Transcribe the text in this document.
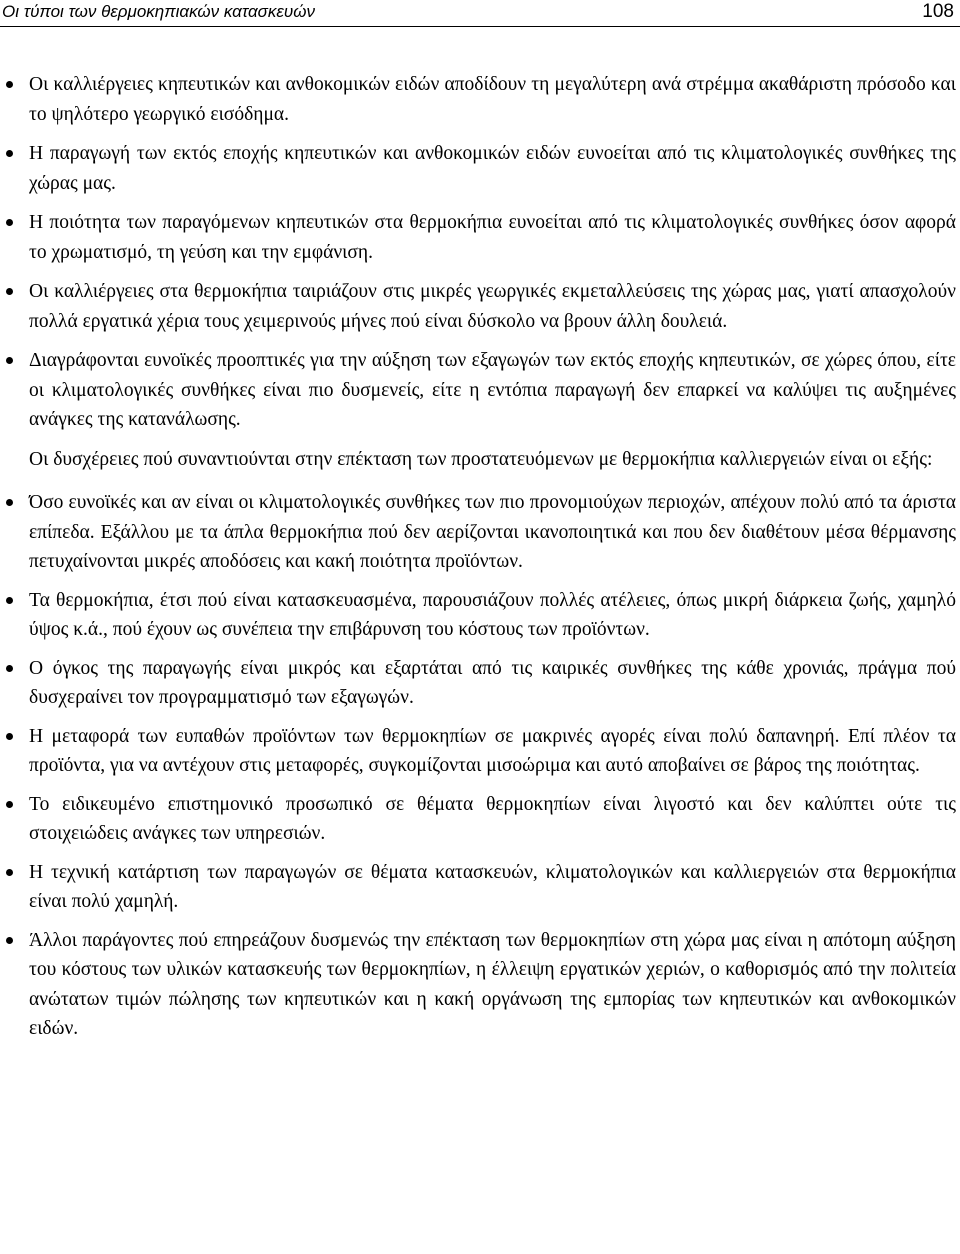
Οι τύποι των θερμοκηπιακών κατασκευών	108
Οι καλλιέργειες κηπευτικών και ανθοκομικών ειδών αποδίδουν τη μεγαλύτερη ανά στρέμμα ακαθάριστη πρόσοδο και το ψηλότερο γεωργικό εισόδημα.
Η παραγωγή των εκτός εποχής κηπευτικών και ανθοκομικών ειδών ευνοείται από τις κλιματολογικές συνθήκες της χώρας μας.
Η ποιότητα των παραγόμενων κηπευτικών στα θερμοκήπια ευνοείται από τις κλιματολογικές συνθήκες όσον αφορά το χρωματισμό, τη γεύση και την εμφάνιση.
Οι καλλιέργειες στα θερμοκήπια ταιριάζουν στις μικρές γεωργικές εκμεταλλεύσεις της χώρας μας, γιατί απασχολούν πολλά εργατικά χέρια τους χειμερινούς μήνες πού είναι δύσκολο να βρουν άλλη δουλειά.
Διαγράφονται ευνοϊκές προοπτικές για την αύξηση των εξαγωγών των εκτός εποχής κηπευτικών, σε χώρες όπου, είτε οι κλιματολογικές συνθήκες είναι πιο δυσμενείς, είτε η εντόπια παραγωγή δεν επαρκεί να καλύψει τις αυξημένες ανάγκες της κατανάλωσης.

Οι δυσχέρειες πού συναντιούνται στην επέκταση των προστατευόμενων με θερμοκήπια καλλιεργειών είναι οι εξής:

Όσο ευνοϊκές και αν είναι οι κλιματολογικές συνθήκες των πιο προνομιούχων περιοχών, απέχουν πολύ από τα άριστα επίπεδα. Εξάλλου με τα άπλα θερμοκήπια πού δεν αερίζονται ικανοποιητικά και που δεν διαθέτουν μέσα θέρμανσης πετυχαίνονται μικρές αποδόσεις και κακή ποιότητα προϊόντων.
Τα θερμοκήπια, έτσι πού είναι κατασκευασμένα, παρουσιάζουν πολλές ατέλειες, όπως μικρή διάρκεια ζωής, χαμηλό ύψος κ.ά., πού έχουν ως συνέπεια την επιβάρυνση του κόστους των προϊόντων.
Ο όγκος της παραγωγής είναι μικρός και εξαρτάται από τις καιρικές συνθήκες της κάθε χρονιάς, πράγμα πού δυσχεραίνει τον προγραμματισμό των εξαγωγών.
Η μεταφορά των ευπαθών προϊόντων των θερμοκηπίων σε μακρινές αγορές είναι πολύ δαπανηρή. Επί πλέον τα προϊόντα, για να αντέχουν στις μεταφορές, συγκομίζονται μισοώριμα και αυτό αποβαίνει σε βάρος της ποιότητας.
Το ειδικευμένο επιστημονικό προσωπικό σε θέματα θερμοκηπίων είναι λιγοστό και δεν καλύπτει ούτε τις στοιχειώδεις ανάγκες των υπηρεσιών.
Η τεχνική κατάρτιση των παραγωγών σε θέματα κατασκευών, κλιματολογικών και καλλιεργειών στα θερμοκήπια είναι πολύ χαμηλή.
Άλλοι παράγοντες πού επηρεάζουν δυσμενώς την επέκταση των θερμοκηπίων στη χώρα μας είναι η απότομη αύξηση του κόστους των υλικών κατασκευής των θερμοκηπίων, η έλλειψη εργατικών χεριών, ο καθορισμός από την πολιτεία ανώτατων τιμών πώλησης των κηπευτικών και η κακή οργάνωση της εμπορίας των κηπευτικών και ανθοκομικών ειδών.
